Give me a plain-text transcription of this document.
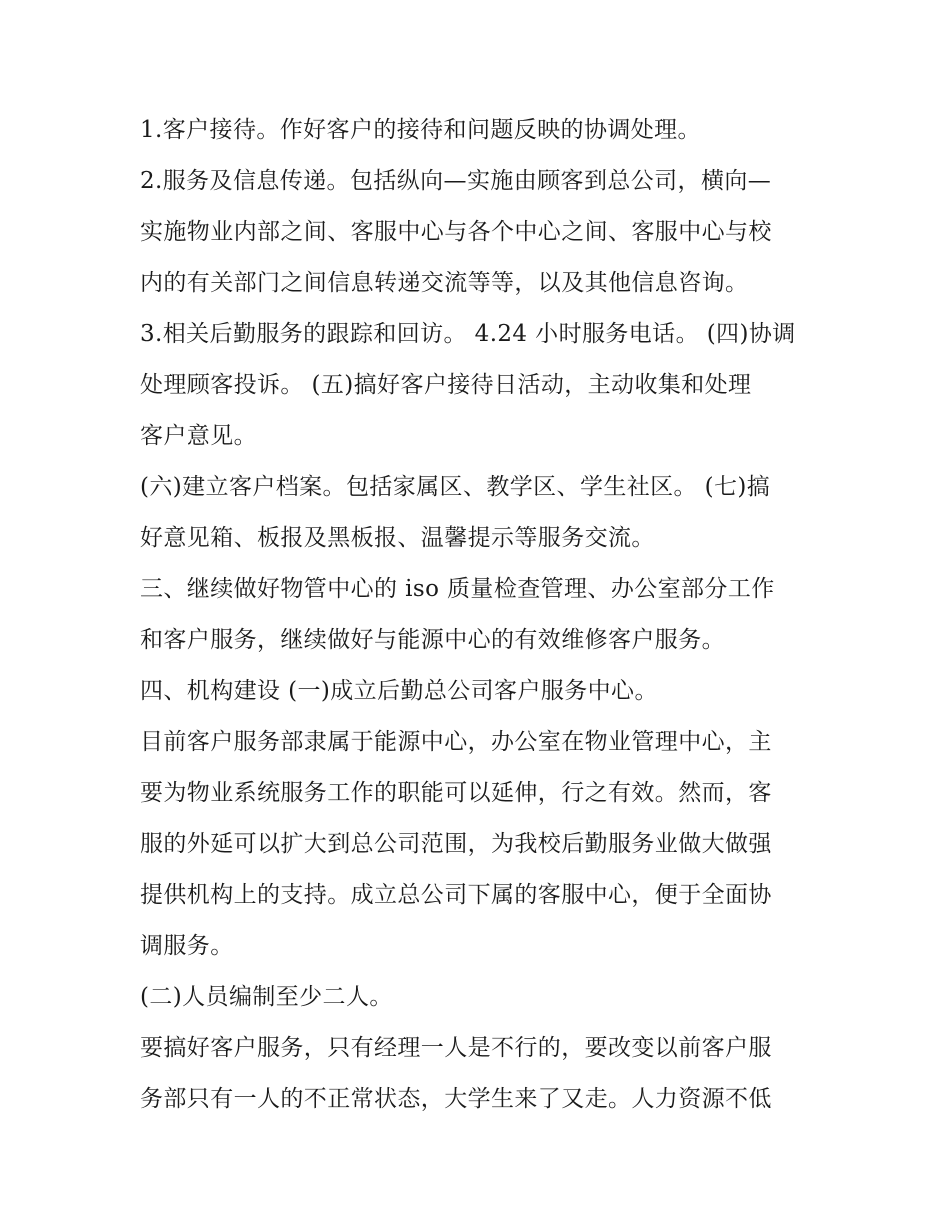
1.客户接待。作好客户的接待和问题反映的协调处理。
2.服务及信息传递。包括纵向—实施由顾客到总公司，横向—
实施物业内部之间、客服中心与各个中心之间、客服中心与校
内的有关部门之间信息转递交流等等，以及其他信息咨询。
3.相关后勤服务的跟踪和回访。 4.24 小时服务电话。 (四)协调
处理顾客投诉。 (五)搞好客户接待日活动，主动收集和处理
客户意见。
(六)建立客户档案。包括家属区、教学区、学生社区。 (七)搞
好意见箱、板报及黑板报、温馨提示等服务交流。
三、继续做好物管中心的 iso 质量检查管理、办公室部分工作
和客户服务，继续做好与能源中心的有效维修客户服务。
四、机构建设 (一)成立后勤总公司客户服务中心。
目前客户服务部隶属于能源中心，办公室在物业管理中心，主
要为物业系统服务工作的职能可以延伸，行之有效。然而，客
服的外延可以扩大到总公司范围，为我校后勤服务业做大做强
提供机构上的支持。成立总公司下属的客服中心，便于全面协
调服务。
(二)人员编制至少二人。
要搞好客户服务，只有经理一人是不行的，要改变以前客户服
务部只有一人的不正常状态，大学生来了又走。人力资源不低
